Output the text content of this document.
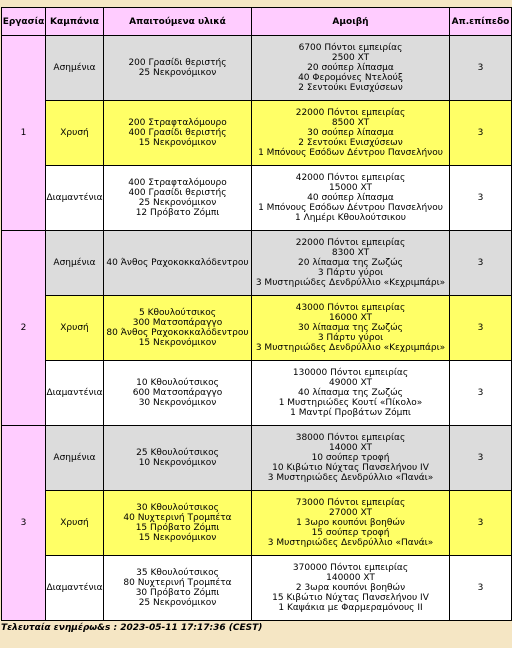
Εργασία	Καμπάνια	Απαιτούμενα υλικά	Αμοιβή	Απ.επίπεδο
1	Ασημένια	200 Γρασίδι θεριστής
25 Νεκρονόμικον	6700 Πόντοι εμπειρίας
2500 XT
20 σούπερ λίπασμα
40 Φερομόνες Ντελούξ
2 Σεντούκι Ενισχύσεων	3
	Χρυσή	200 Στραφταλόμουρο
400 Γρασίδι θεριστής
15 Νεκρονόμικον	22000 Πόντοι εμπειρίας
8500 XT
30 σούπερ λίπασμα
2 Σεντούκι Ενισχύσεων
1 Μπόνους Εσόδων Δέντρου Πανσελήνου	3
	Διαμαντένια	400 Στραφταλόμουρο
400 Γρασίδι θεριστής
25 Νεκρονόμικον
12 Πρόβατο Ζόμπι	42000 Πόντοι εμπειρίας
15000 XT
40 σούπερ λίπασμα
1 Μπόνους Εσόδων Δέντρου Πανσελήνου
1 Λημέρι Κθουλούτσικου	3
2	Ασημένια	40 Άνθος Ραχοκοκκαλόδεντρου	22000 Πόντοι εμπειρίας
8300 XT
20 λίπασμα της Ζωζώς
3 Πάρτυ γύροι
3 Μυστηριώδες Δενδρύλλιο «Κεχριμπάρι»	3
	Χρυσή	5 Κθουλούτσικος
300 Ματσοπάραγγο
80 Άνθος Ραχοκοκκαλόδεντρου
15 Νεκρονόμικον	43000 Πόντοι εμπειρίας
16000 XT
30 λίπασμα της Ζωζώς
3 Πάρτυ γύροι
3 Μυστηριώδες Δενδρύλλιο «Κεχριμπάρι»	3
	Διαμαντένια	10 Κθουλούτσικος
600 Ματσοπάραγγο
30 Νεκρονόμικον	130000 Πόντοι εμπειρίας
49000 XT
40 λίπασμα της Ζωζώς
1 Μυστηριώδες Κουτί «Πίκολο»
1 Μαντρί Προβάτων Ζόμπι	3
3	Ασημένια	25 Κθουλούτσικος
10 Νεκρονόμικον	38000 Πόντοι εμπειρίας
14000 XT
10 σούπερ τροφή
10 Κιβώτιο Νύχτας Πανσελήνου IV
3 Μυστηριώδες Δενδρύλλιο «Πανάι»	3
	Χρυσή	30 Κθουλούτσικος
40 Νυχτερινή Τρομπέτα
15 Πρόβατο Ζόμπι
15 Νεκρονόμικον	73000 Πόντοι εμπειρίας
27000 XT
1 3ωρο κουπόνι βοηθών
15 σούπερ τροφή
3 Μυστηριώδες Δενδρύλλιο «Πανάι»	3
	Διαμαντένια	35 Κθουλούτσικος
80 Νυχτερινή Τρομπέτα
30 Πρόβατο Ζόμπι
25 Νεκρονόμικον	370000 Πόντοι εμπειρίας
140000 XT
2 3ωρα κουπόνι βοηθών
15 Κιβώτιο Νύχτας Πανσελήνου IV
1 Καψάκια με Φαρμεραμόνους II	3
Τελευταία ενημέρω&s : 2023-05-11 17:17:36 (CEST)
